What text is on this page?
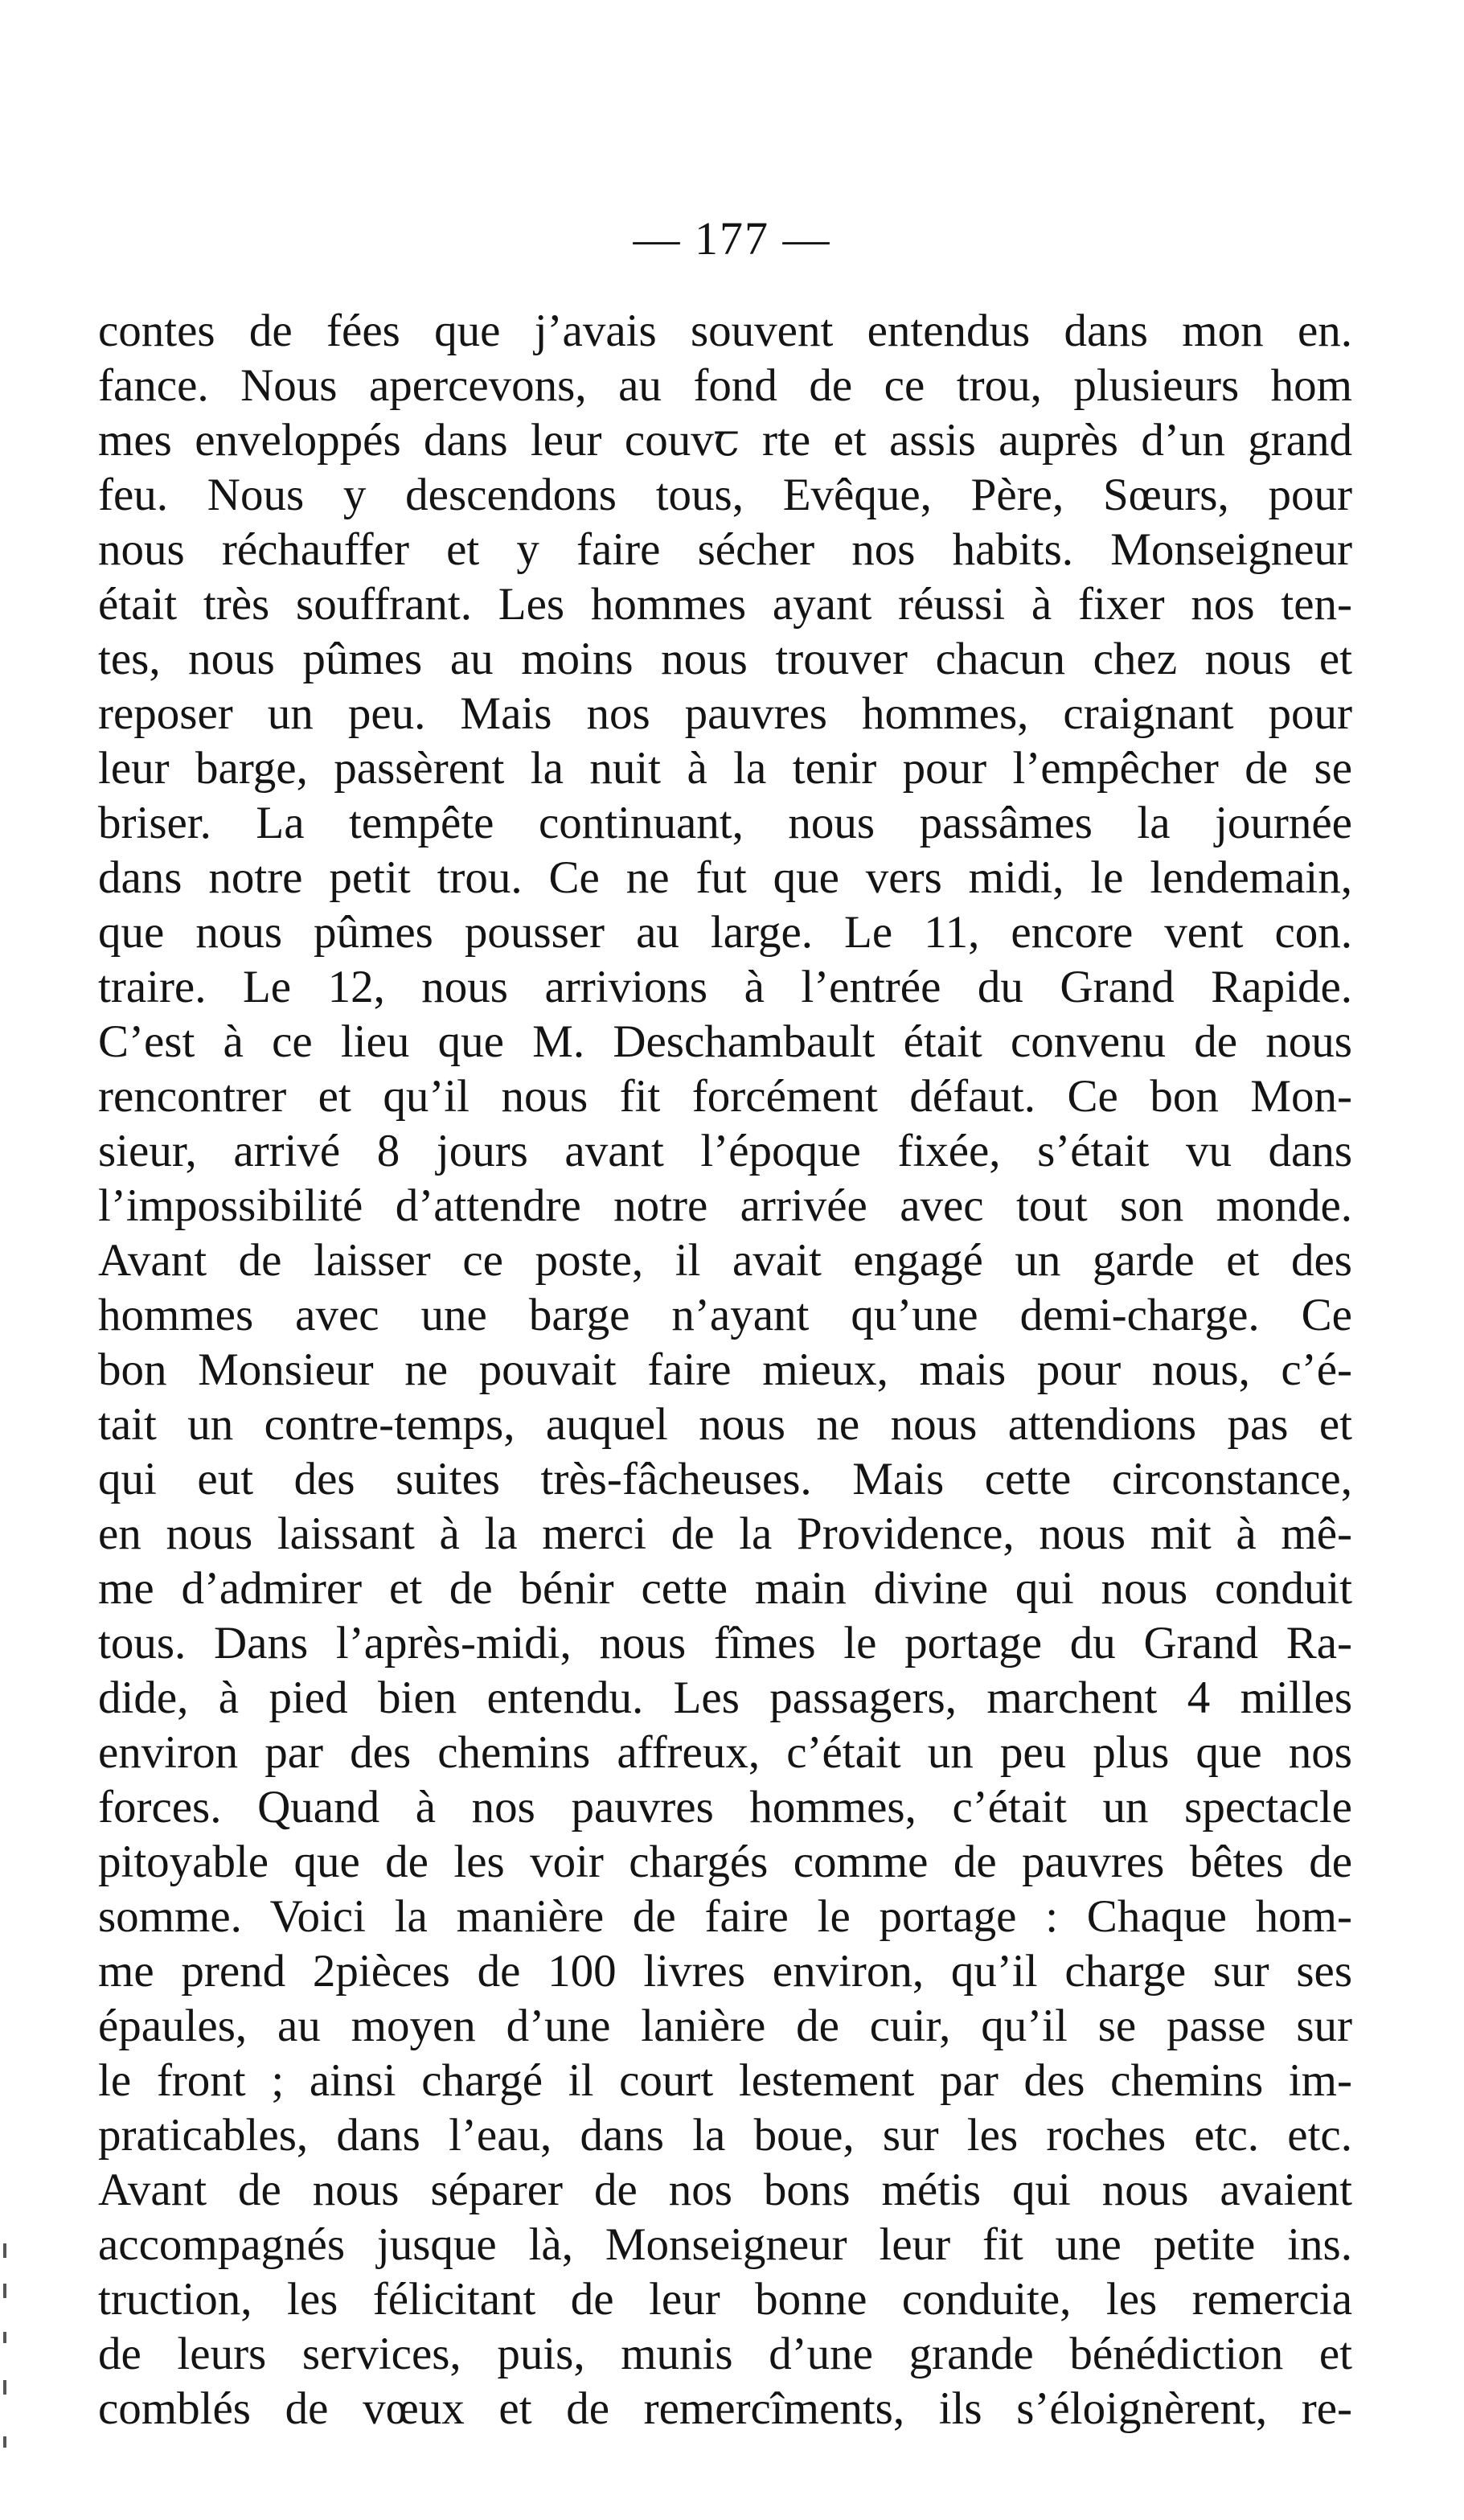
— 177 —
contes de fées que j’avais souvent entendus dans mon en.
fance. Nous apercevons, au fond de ce trou, plusieurs hom
mes enveloppés dans leur couvꞇ rte et assis auprès d’un grand
feu. Nous y descendons tous, Evêque, Père, Sœurs, pour
nous réchauffer et y faire sécher nos habits. Monseigneur
était très souffrant. Les hommes ayant réussi à fixer nos ten-
tes, nous pûmes au moins nous trouver chacun chez nous et
reposer un peu. Mais nos pauvres hommes, craignant pour
leur barge, passèrent la nuit à la tenir pour l’empêcher de se
briser. La tempête continuant, nous passâmes la journée
dans notre petit trou. Ce ne fut que vers midi, le lendemain,
que nous pûmes pousser au large. Le 11, encore vent con.
traire. Le 12, nous arrivions à l’entrée du Grand Rapide.
C’est à ce lieu que M. Deschambault était convenu de nous
rencontrer et qu’il nous fit forcément défaut. Ce bon Mon-
sieur, arrivé 8 jours avant l’époque fixée, s’était vu dans
l’impossibilité d’attendre notre arrivée avec tout son monde.
Avant de laisser ce poste, il avait engagé un garde et des
hommes avec une barge n’ayant qu’une demi-charge. Ce
bon Monsieur ne pouvait faire mieux, mais pour nous, c’é-
tait un contre-temps, auquel nous ne nous attendions pas et
qui eut des suites très-fâcheuses. Mais cette circonstance,
en nous laissant à la merci de la Providence, nous mit à mê-
me d’admirer et de bénir cette main divine qui nous conduit
tous. Dans l’après-midi, nous fîmes le portage du Grand Ra-
dide, à pied bien entendu. Les passagers, marchent 4 milles
environ par des chemins affreux, c’était un peu plus que nos
forces. Quand à nos pauvres hommes, c’était un spectacle
pitoyable que de les voir chargés comme de pauvres bêtes de
somme. Voici la manière de faire le portage : Chaque hom-
me prend 2pièces de 100 livres environ, qu’il charge sur ses
épaules, au moyen d’une lanière de cuir, qu’il se passe sur
le front ; ainsi chargé il court lestement par des chemins im-
praticables, dans l’eau, dans la boue, sur les roches etc. etc.
Avant de nous séparer de nos bons métis qui nous avaient
accompagnés jusque là, Monseigneur leur fit une petite ins.
truction, les félicitant de leur bonne conduite, les remercia
de leurs services, puis, munis d’une grande bénédiction et
comblés de vœux et de remercîments, ils s’éloignèrent, re-
